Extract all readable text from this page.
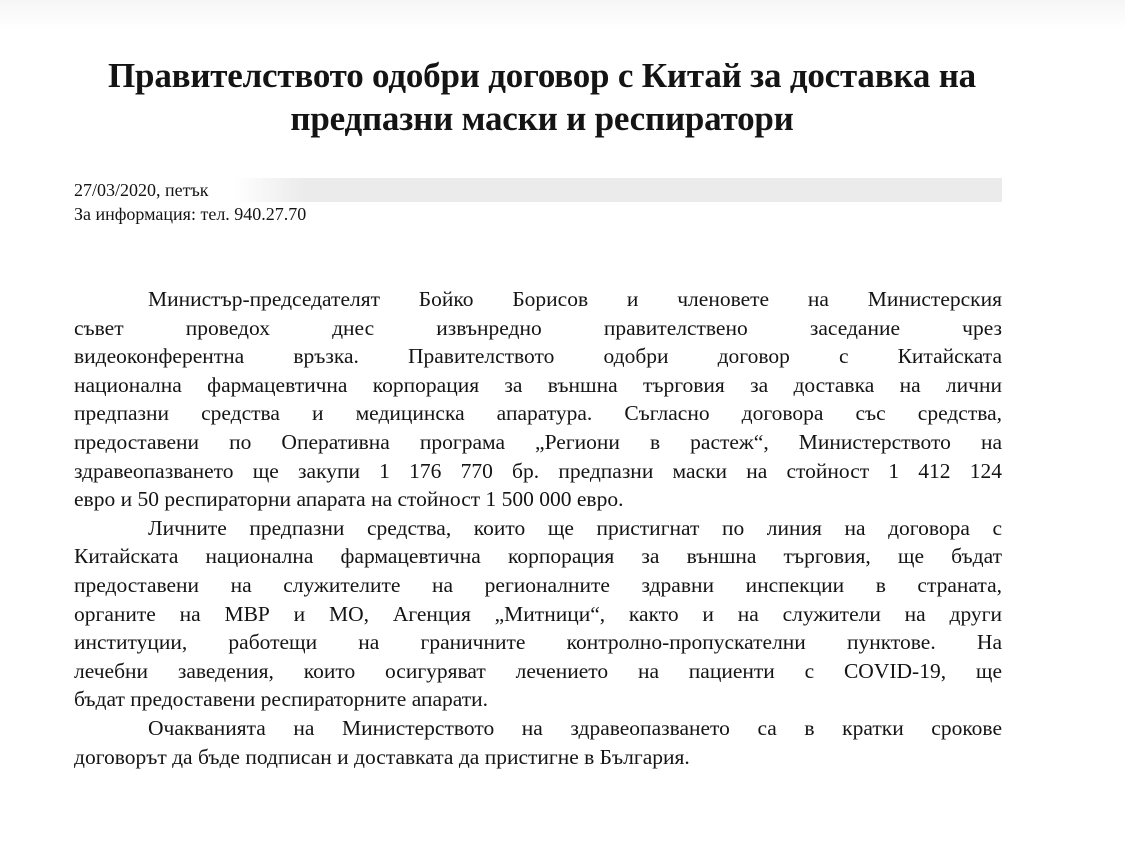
Правителството одобри договор с Китай за доставка на
предпазни маски и респиратори
27/03/2020, петък
За информация: тел. 940.27.70

Министър-председателят Бойко Борисов и членовете на Министерския
съвет проведох днес извънредно правителствено заседание чрез
видеоконферентна връзка. Правителството одобри договор с Китайската
национална фармацевтична корпорация за външна търговия за доставка на лични
предпазни средства и медицинска апаратура. Съгласно договора със средства,
предоставени по Оперативна програма „Региони в растеж“, Министерството на
здравеопазването ще закупи 1 176 770 бр. предпазни маски на стойност 1 412 124
евро и 50 респираторни апарата на стойност 1 500 000 евро.

Личните предпазни средства, които ще пристигнат по линия на договора с
Китайската национална фармацевтична корпорация за външна търговия, ще бъдат
предоставени на служителите на регионалните здравни инспекции в страната,
органите на МВР и МО, Агенция „Митници“, както и на служители на други
институции, работещи на граничните контролно-пропускателни пунктове. На
лечебни заведения, които осигуряват лечението на пациенти с COVID-19, ще
бъдат предоставени респираторните апарати.

Очакванията на Министерството на здравеопазването са в кратки срокове
договорът да бъде подписан и доставката да пристигне в България.
